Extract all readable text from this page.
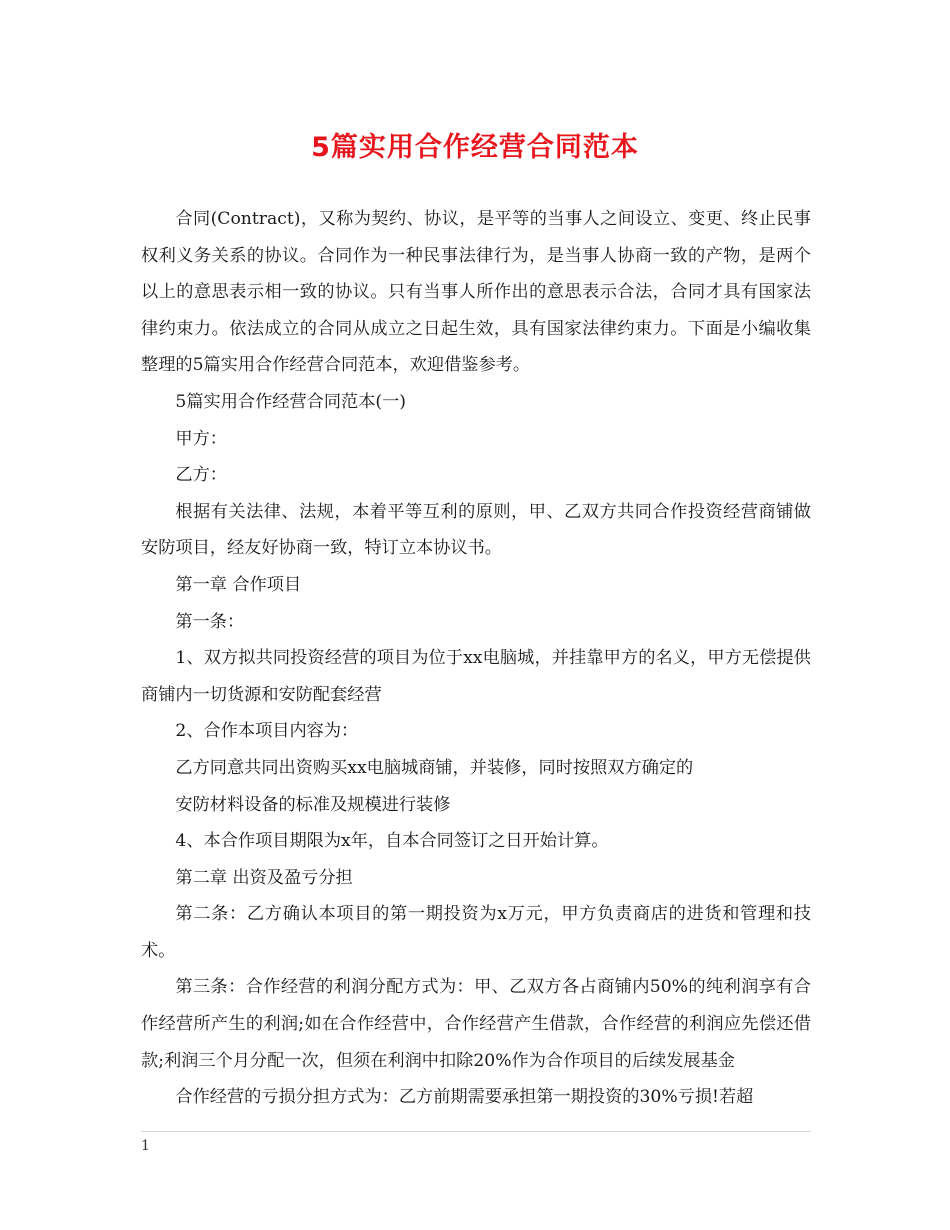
5篇实用合作经营合同范本

合同(Contract)，又称为契约、协议，是平等的当事人之间设立、变更、终止民事权利义务关系的协议。合同作为一种民事法律行为，是当事人协商一致的产物，是两个以上的意思表示相一致的协议。只有当事人所作出的意思表示合法，合同才具有国家法律约束力。依法成立的合同从成立之日起生效，具有国家法律约束力。下面是小编收集整理的5篇实用合作经营合同范本，欢迎借鉴参考。

5篇实用合作经营合同范本(一)

甲方：

乙方：

根据有关法律、法规，本着平等互利的原则，甲、乙双方共同合作投资经营商铺做安防项目，经友好协商一致，特订立本协议书。

第一章 合作项目

第一条：

1、双方拟共同投资经营的项目为位于xx电脑城，并挂靠甲方的名义，甲方无偿提供商铺内一切货源和安防配套经营

2、合作本项目内容为：

乙方同意共同出资购买xx电脑城商铺，并装修，同时按照双方确定的

安防材料设备的标准及规模进行装修

4、本合作项目期限为x年，自本合同签订之日开始计算。

第二章 出资及盈亏分担

第二条：乙方确认本项目的第一期投资为x万元，甲方负责商店的进货和管理和技术。

第三条：合作经营的利润分配方式为：甲、乙双方各占商铺内50%的纯利润享有合作经营所产生的利润;如在合作经营中，合作经营产生借款，合作经营的利润应先偿还借款;利润三个月分配一次，但须在利润中扣除20%作为合作项目的后续发展基金

合作经营的亏损分担方式为：乙方前期需要承担第一期投资的30%亏损!若超

1
